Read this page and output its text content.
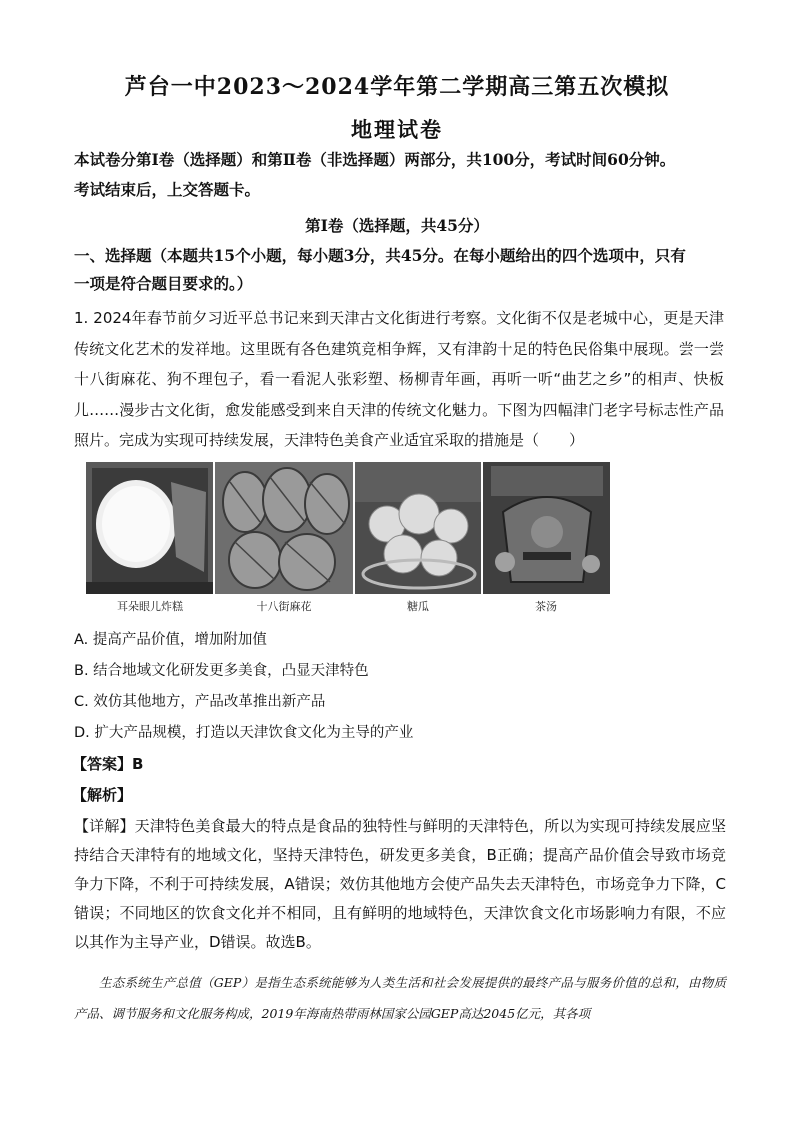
芦台一中2023～2024学年第二学期高三第五次模拟
地理试卷
本试卷分第Ⅰ卷（选择题）和第Ⅱ卷（非选择题）两部分，共100分，考试时间60分钟。
考试结束后，上交答题卡。
第Ⅰ卷（选择题，共45分）
一、选择题（本题共15个小题，每小题3分，共45分。在每小题给出的四个选项中，只有
一项是符合题目要求的。）
1. 2024年春节前夕习近平总书记来到天津古文化街进行考察。文化街不仅是老城中心，更是天津传统文化艺术的发祥地。这里既有各色建筑竞相争辉，又有津韵十足的特色民俗集中展现。尝一尝十八街麻花、狗不理包子，看一看泥人张彩塑、杨柳青年画，再听一听“曲艺之乡”的相声、快板儿……漫步古文化街，愈发能感受到来自天津的传统文化魅力。下图为四幅津门老字号标志性产品照片。完成为实现可持续发展，天津特色美食产业适宜采取的措施是（　　）
耳朵眼儿炸糕	十八街麻花	糖瓜	茶汤
A. 提高产品价值，增加附加值
B. 结合地域文化研发更多美食，凸显天津特色
C. 效仿其他地方，产品改革推出新产品
D. 扩大产品规模，打造以天津饮食文化为主导的产业
【答案】B
【解析】
【详解】天津特色美食最大的特点是食品的独特性与鲜明的天津特色，所以为实现可持续发展应坚持结合天津特有的地域文化，坚持天津特色，研发更多美食，B正确；提高产品价值会导致市场竞争力下降，不利于可持续发展，A错误；效仿其他地方会使产品失去天津特色，市场竞争力下降，C错误；不同地区的饮食文化并不相同，且有鲜明的地域特色，天津饮食文化市场影响力有限，不应以其作为主导产业，D错误。故选B。
生态系统生产总值（GEP）是指生态系统能够为人类生活和社会发展提供的最终产品与服务价值的总和，由物质产品、调节服务和文化服务构成，2019年海南热带雨林国家公园GEP高达2045亿元，其各项
